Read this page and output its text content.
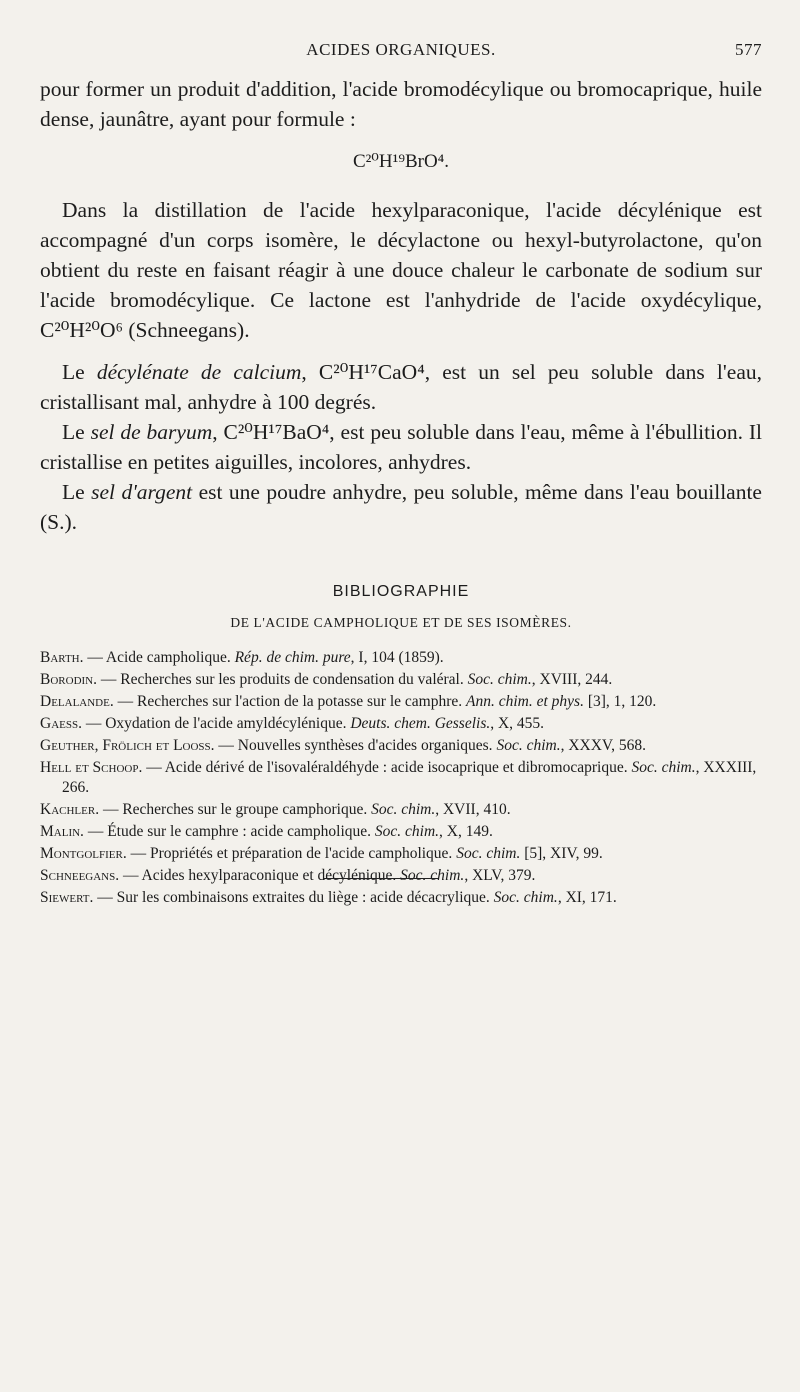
ACIDES ORGANIQUES.	577

pour former un produit d'addition, l'acide bromodécylique ou bromocaprique, huile dense, jaunâtre, ayant pour formule :

C²⁰H¹⁹BrO⁴.

Dans la distillation de l'acide hexylparaconique, l'acide décylénique est accompagné d'un corps isomère, le décylactone ou hexyl-butyrolactone, qu'on obtient du reste en faisant réagir à une douce chaleur le carbonate de sodium sur l'acide bromodécylique. Ce lactone est l'anhydride de l'acide oxydécylique, C²⁰H²⁰O⁶ (Schneegans).

Le décylénate de calcium, C²⁰H¹⁷CaO⁴, est un sel peu soluble dans l'eau, cristallisant mal, anhydre à 100 degrés.

Le sel de baryum, C²⁰H¹⁷BaO⁴, est peu soluble dans l'eau, même à l'ébullition. Il cristallise en petites aiguilles, incolores, anhydres.

Le sel d'argent est une poudre anhydre, peu soluble, même dans l'eau bouillante (S.).

BIBLIOGRAPHIE

DE L'ACIDE CAMPHOLIQUE ET DE SES ISOMÈRES.

Barth. — Acide campholique. Rép. de chim. pure, I, 104 (1859).

Borodin. — Recherches sur les produits de condensation du valéral. Soc. chim., XVIII, 244.

Delalande. — Recherches sur l'action de la potasse sur le camphre. Ann. chim. et phys. [3], 1, 120.

Gaess. — Oxydation de l'acide amyldécylénique. Deuts. chem. Gesselis., X, 455.

Geuther, Frölich et Looss. — Nouvelles synthèses d'acides organiques. Soc. chim., XXXV, 568.

Hell et Schoop. — Acide dérivé de l'isovaléraldéhyde : acide isocaprique et dibromocaprique. Soc. chim., XXXIII, 266.

Kachler. — Recherches sur le groupe camphorique. Soc. chim., XVII, 410.

Malin. — Étude sur le camphre : acide campholique. Soc. chim., X, 149.

Montgolfier. — Propriétés et préparation de l'acide campholique. Soc. chim. [5], XIV, 99.

Schneegans. — Acides hexylparaconique et décylénique. Soc. chim., XLV, 379.

Siewert. — Sur les combinaisons extraites du liège : acide décacrylique. Soc. chim., XI, 171.
